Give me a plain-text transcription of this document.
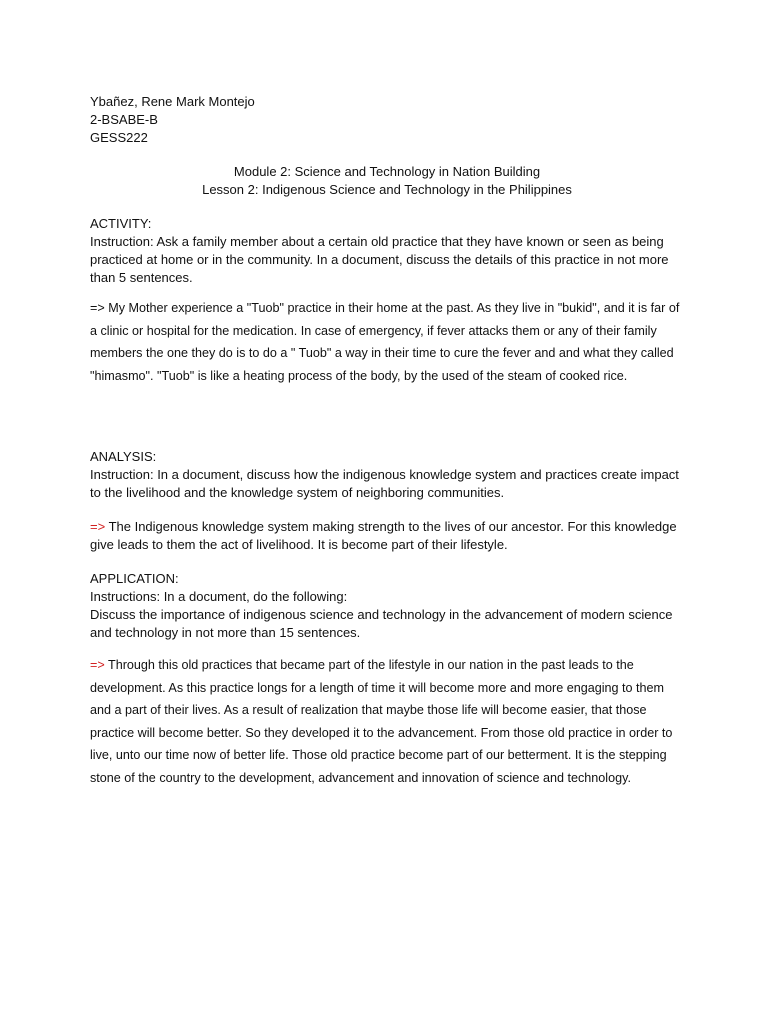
Ybañez, Rene Mark Montejo
2-BSABE-B
GESS222
Module 2: Science and Technology in Nation Building
Lesson 2: Indigenous Science and Technology in the Philippines
ACTIVITY:

Instruction: Ask a family member about a certain old practice that they have known or seen as being practiced at home or in the community. In a document, discuss the details of this practice in not more than 5 sentences.

=> My Mother experience a "Tuob" practice in their home at the past. As they live in "bukid", and it is far of a clinic or hospital for the medication. In case of emergency, if fever attacks them or any of their family members the one they do is to do a " Tuob" a way in their time to cure the fever and and what they called "himasmo". "Tuob" is like a heating process of the body, by the used of the steam of cooked rice.

ANALYSIS:

Instruction: In a document, discuss how the indigenous knowledge system and practices create impact to the livelihood and the knowledge system of neighboring communities.

=> The Indigenous knowledge system making strength to the lives of our ancestor. For this knowledge give leads to them the act of livelihood. It is become part of their lifestyle.

APPLICATION:
Instructions: In a document, do the following:

Discuss the importance of indigenous science and technology in the advancement of modern science and technology in not more than 15 sentences.

=> Through this old practices that became part of the lifestyle in our nation in the past leads to the development. As this practice longs for a length of time it will become more and more engaging to them and a part of their lives. As a result of realization that maybe those life will become easier, that those practice will become better. So they developed it to the advancement. From those old practice in order to live, unto our time now of better life. Those old practice become part of our betterment. It is the stepping stone of the country to the development, advancement and innovation of science and technology.
